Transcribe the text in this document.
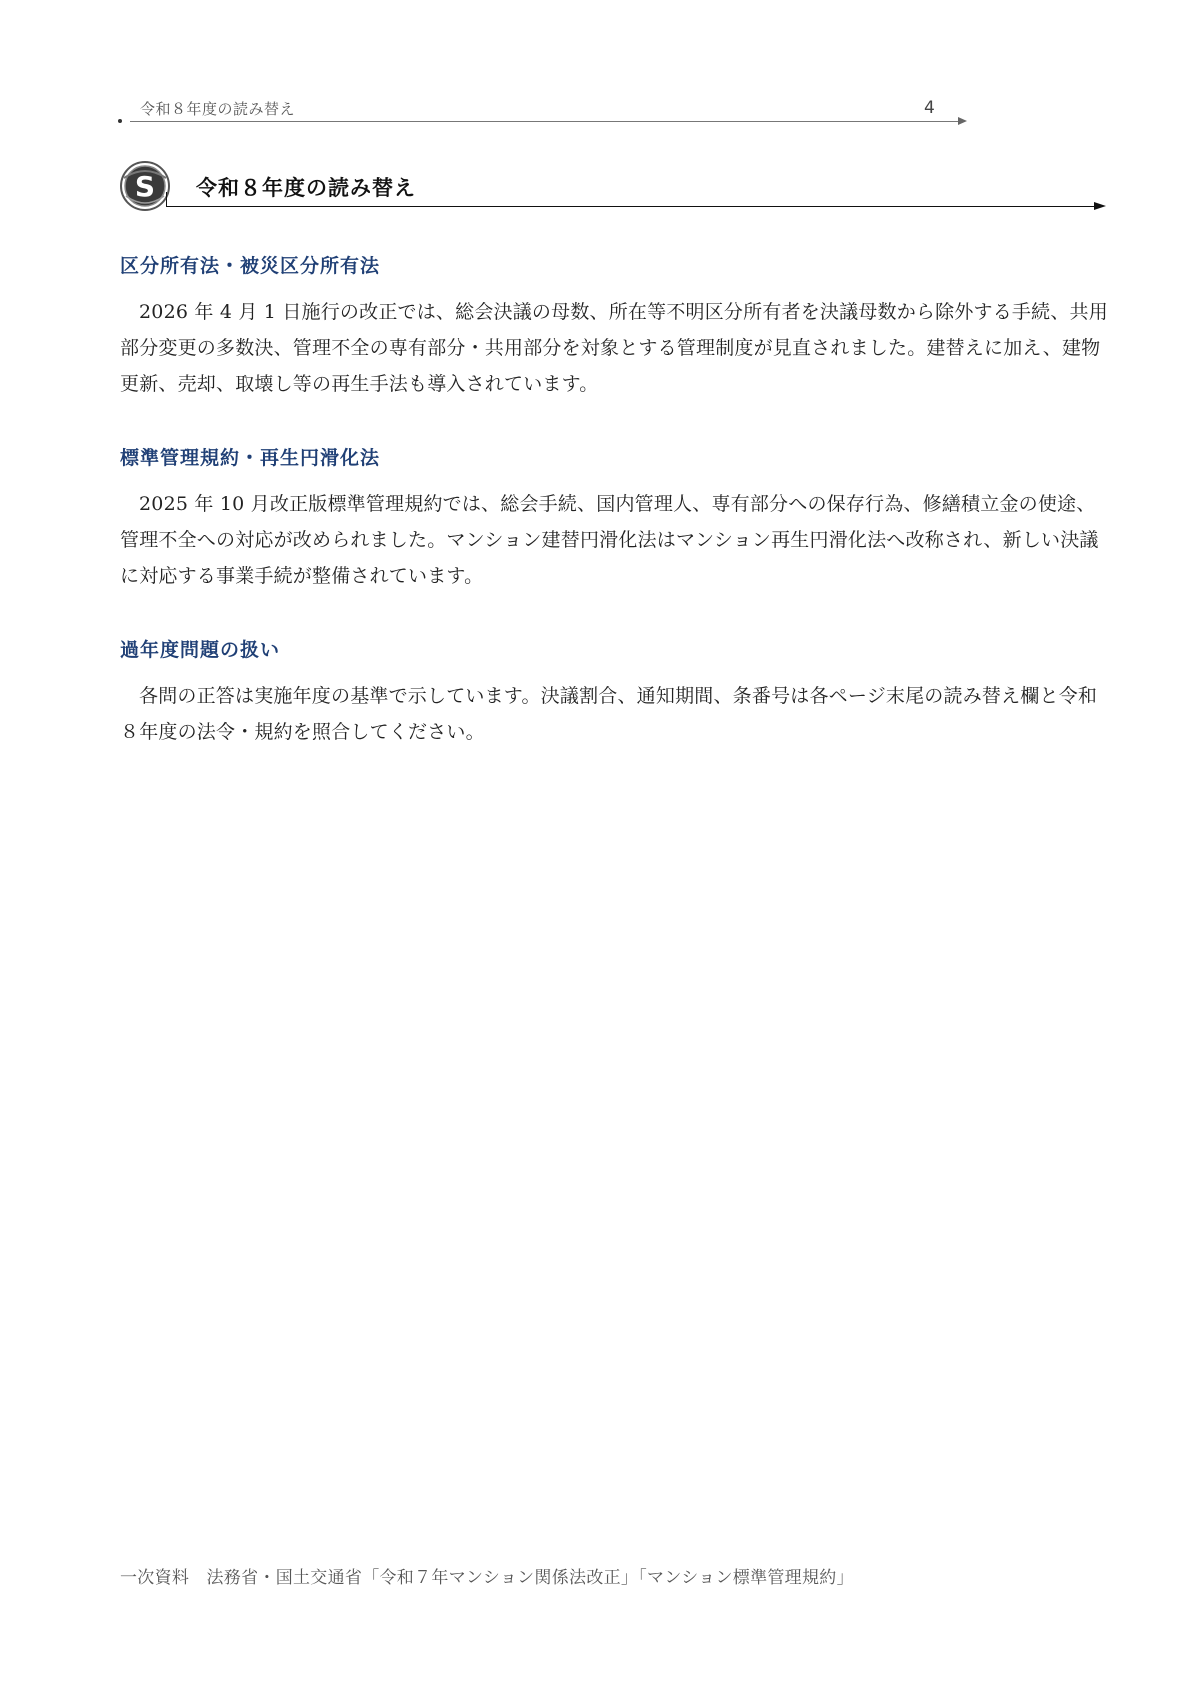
令和８年度の読み替え	4
S 令和８年度の読み替え
区分所有法・被災区分所有法

2026 年 4 月 1 日施行の改正では、総会決議の母数、所在等不明区分所有者を決議母数から除外する手続、共用部分変更の多数決、管理不全の専有部分・共用部分を対象とする管理制度が見直されました。建替えに加え、建物更新、売却、取壊し等の再生手法も導入されています。

標準管理規約・再生円滑化法

2025 年 10 月改正版標準管理規約では、総会手続、国内管理人、専有部分への保存行為、修繕積立金の使途、管理不全への対応が改められました。マンション建替円滑化法はマンション再生円滑化法へ改称され、新しい決議に対応する事業手続が整備されています。

過年度問題の扱い

各問の正答は実施年度の基準で示しています。決議割合、通知期間、条番号は各ページ末尾の読み替え欄と令和８年度の法令・規約を照合してください。

一次資料　法務省・国土交通省「令和７年マンション関係法改正」「マンション標準管理規約」
